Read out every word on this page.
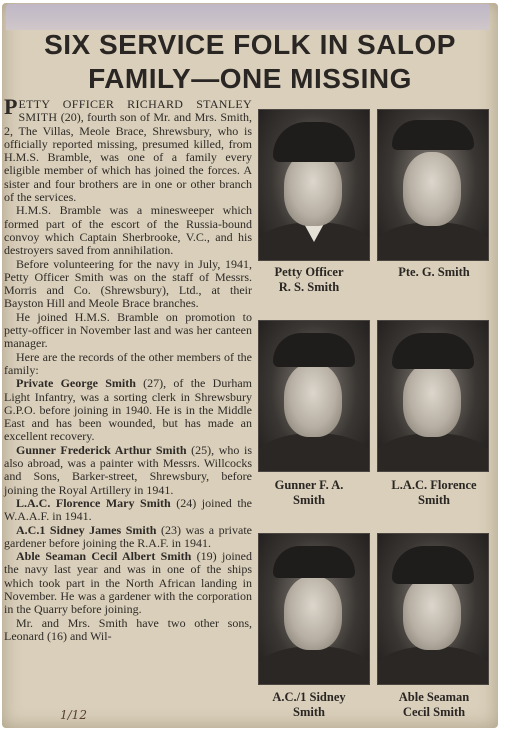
SIX SERVICE FOLK IN SALOP
FAMILY—ONE MISSING

PETTY OFFICER RICHARD STANLEY SMITH (20), fourth son of Mr. and Mrs. Smith, 2, The Villas, Meole Brace, Shrewsbury, who is officially reported missing, presumed killed, from H.M.S. Bramble, was one of a family every eligible member of which has joined the forces. A sister and four brothers are in one or other branch of the services.

H.M.S. Bramble was a minesweeper which formed part of the escort of the Russia-bound convoy which Captain Sherbrooke, V.C., and his destroyers saved from annihilation.

Before volunteering for the navy in July, 1941, Petty Officer Smith was on the staff of Messrs. Morris and Co. (Shrewsbury), Ltd., at their Bayston Hill and Meole Brace branches.

He joined H.M.S. Bramble on promotion to petty-officer in November last and was her canteen manager.

Here are the records of the other members of the family:

Private George Smith (27), of the Durham Light Infantry, was a sorting clerk in Shrewsbury G.P.O. before joining in 1940. He is in the Middle East and has been wounded, but has made an excellent recovery.

Gunner Frederick Arthur Smith (25), who is also abroad, was a painter with Messrs. Willcocks and Sons, Barker-street, Shrewsbury, before joining the Royal Artillery in 1941.

L.A.C. Florence Mary Smith (24) joined the W.A.A.F. in 1941.

A.C.1 Sidney James Smith (23) was a private gardener before joining the R.A.F. in 1941.

Able Seaman Cecil Albert Smith (19) joined the navy last year and was in one of the ships which took part in the North African landing in November. He was a gardener with the corporation in the Quarry before joining.

Mr. and Mrs. Smith have two other sons, Leonard (16) and Wil-

Petty Officer
R. S. Smith
Pte. G. Smith
Gunner F. A.
Smith
L.A.C. Florence
Smith
A.C./1 Sidney
Smith
Able Seaman
Cecil Smith
1/12
